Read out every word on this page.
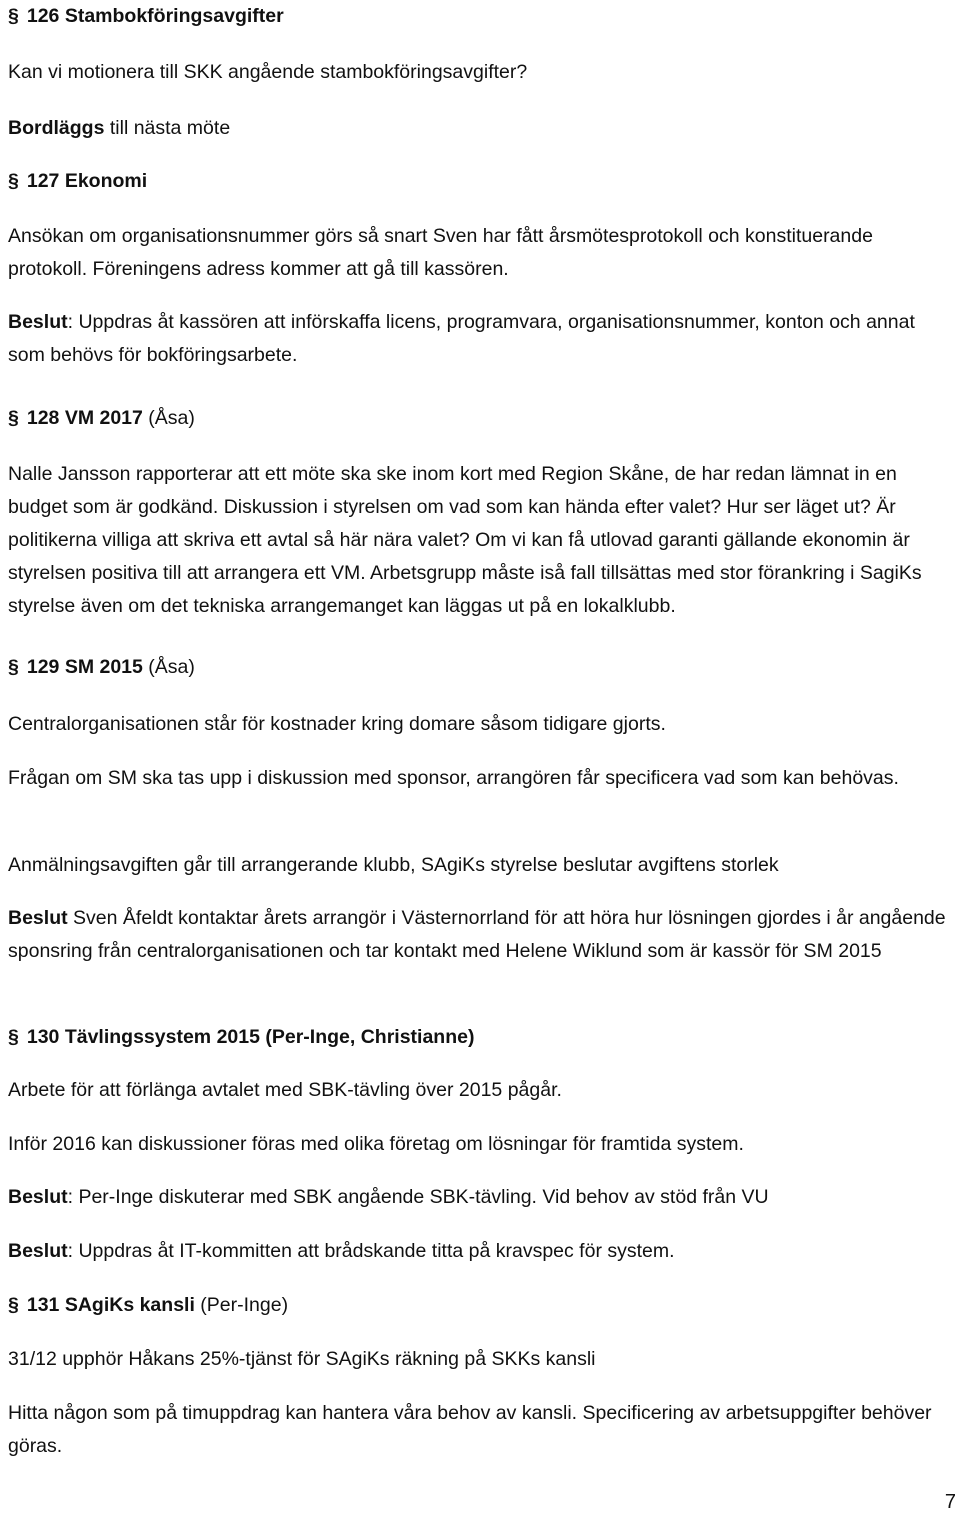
§ 126 Stambokföringsavgifter

Kan vi motionera till SKK angående stambokföringsavgifter?

Bordläggs till nästa möte

§ 127 Ekonomi

Ansökan om organisationsnummer görs så snart Sven har fått årsmötesprotokoll och konstituerande protokoll. Föreningens adress kommer att gå till kassören.

Beslut: Uppdras åt kassören att införskaffa licens, programvara, organisationsnummer, konton och annat som behövs för bokföringsarbete.

§ 128 VM 2017 (Åsa)

Nalle Jansson rapporterar att ett möte ska ske inom kort med Region Skåne, de har redan lämnat in en budget som är godkänd. Diskussion i styrelsen om vad som kan hända efter valet? Hur ser läget ut? Är politikerna villiga att skriva ett avtal så här nära valet? Om vi kan få utlovad garanti gällande ekonomin är styrelsen positiva till att arrangera ett VM. Arbetsgrupp måste iså fall tillsättas med stor förankring i SagiKs styrelse även om det tekniska arrangemanget kan läggas ut på en lokalklubb.

§ 129 SM 2015 (Åsa)

Centralorganisationen står för kostnader kring domare såsom tidigare gjorts.

Frågan om SM ska tas upp i diskussion med sponsor, arrangören får specificera vad som kan behövas.

Anmälningsavgiften går till arrangerande klubb, SAgiKs styrelse beslutar avgiftens storlek

Beslut Sven Åfeldt kontaktar årets arrangör i Västernorrland för att höra hur lösningen gjordes i år angående sponsring från centralorganisationen och tar kontakt med Helene Wiklund som är kassör för SM 2015

§ 130 Tävlingssystem 2015 (Per-Inge, Christianne)

Arbete för att förlänga avtalet med SBK-tävling över 2015 pågår.

Inför 2016 kan diskussioner föras med olika företag om lösningar för framtida system.

Beslut: Per-Inge diskuterar med SBK angående SBK-tävling. Vid behov av stöd från VU

Beslut: Uppdras åt IT-kommitten att brådskande titta på kravspec för system.

§ 131 SAgiKs kansli (Per-Inge)

31/12 upphör Håkans 25%-tjänst för SAgiKs räkning på SKKs kansli

Hitta någon som på timuppdrag kan hantera våra behov av kansli. Specificering av arbetsuppgifter behöver göras.

7
